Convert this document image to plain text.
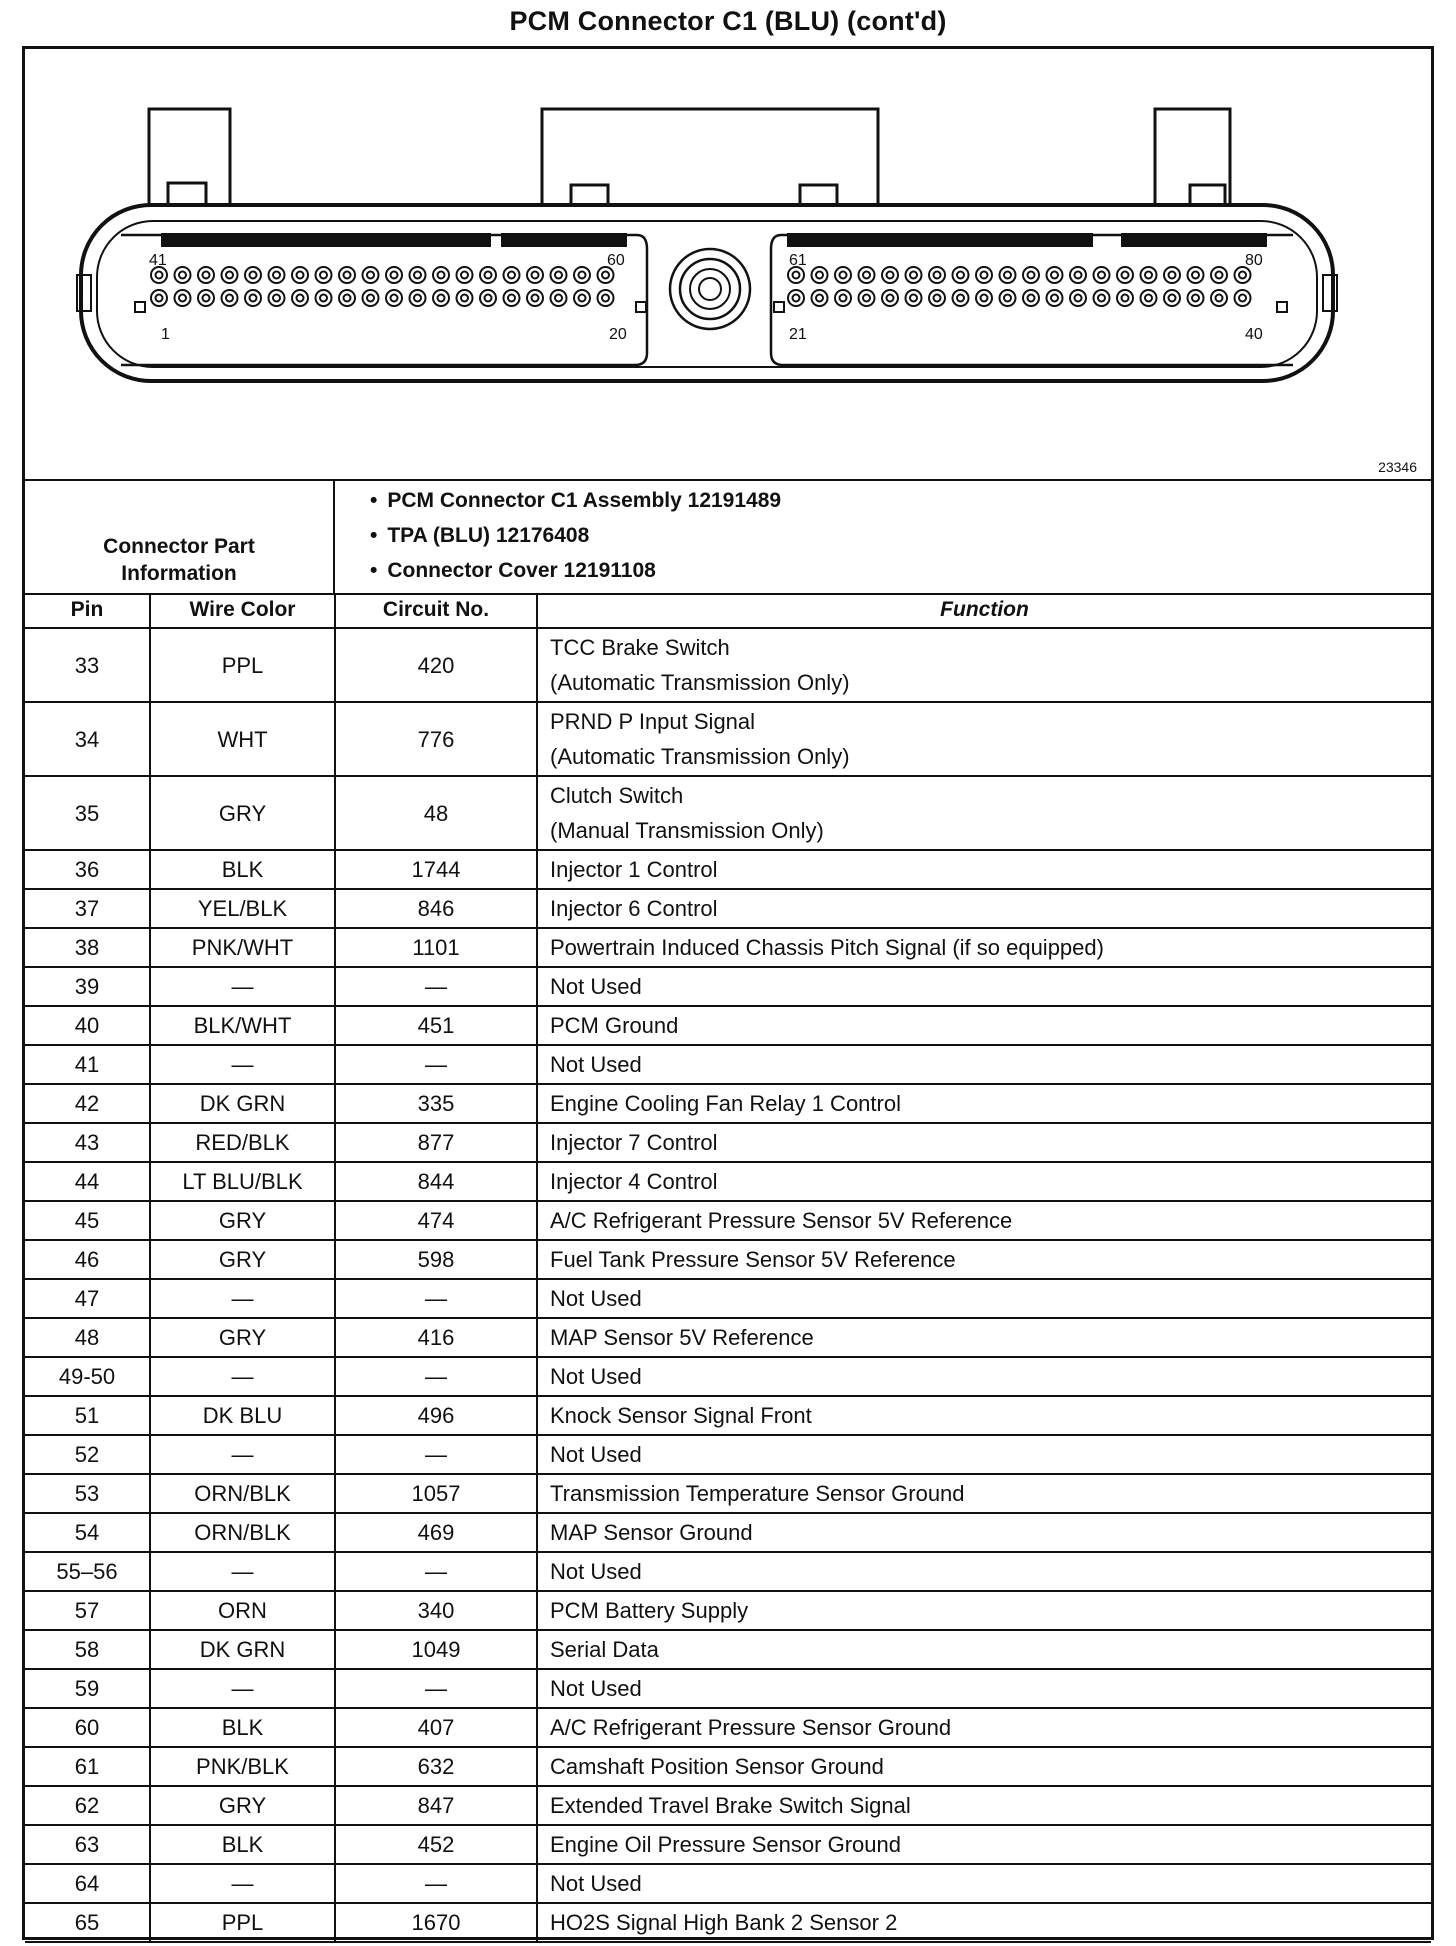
PCM Connector C1 (BLU) (cont'd)
41	60
1	20
61	80
21	40
23346
Connector Part
Information
• PCM Connector C1 Assembly 12191489
• TPA (BLU) 12176408
• Connector Cover 12191108
Pin	Wire Color	Circuit No.	Function
33	PPL	420	TCC Brake Switch
(Automatic Transmission Only)

34	WHT	776	PRND P Input Signal
(Automatic Transmission Only)

35	GRY	48	Clutch Switch
(Manual Transmission Only)

36	BLK	1744	Injector 1 Control

37	YEL/BLK	846	Injector 6 Control

38	PNK/WHT	1101	Powertrain Induced Chassis Pitch Signal (if so equipped)

39	—	—	Not Used

40	BLK/WHT	451	PCM Ground

41	—	—	Not Used

42	DK GRN	335	Engine Cooling Fan Relay 1 Control

43	RED/BLK	877	Injector 7 Control

44	LT BLU/BLK	844	Injector 4 Control

45	GRY	474	A/C Refrigerant Pressure Sensor 5V Reference

46	GRY	598	Fuel Tank Pressure Sensor 5V Reference

47	—	—	Not Used

48	GRY	416	MAP Sensor 5V Reference

49-50	—	—	Not Used

51	DK BLU	496	Knock Sensor Signal Front

52	—	—	Not Used

53	ORN/BLK	1057	Transmission Temperature Sensor Ground

54	ORN/BLK	469	MAP Sensor Ground

55–56	—	—	Not Used

57	ORN	340	PCM Battery Supply

58	DK GRN	1049	Serial Data

59	—	—	Not Used

60	BLK	407	A/C Refrigerant Pressure Sensor Ground

61	PNK/BLK	632	Camshaft Position Sensor Ground

62	GRY	847	Extended Travel Brake Switch Signal

63	BLK	452	Engine Oil Pressure Sensor Ground

64	—	—	Not Used

65	PPL	1670	HO2S Signal High Bank 2 Sensor 2
